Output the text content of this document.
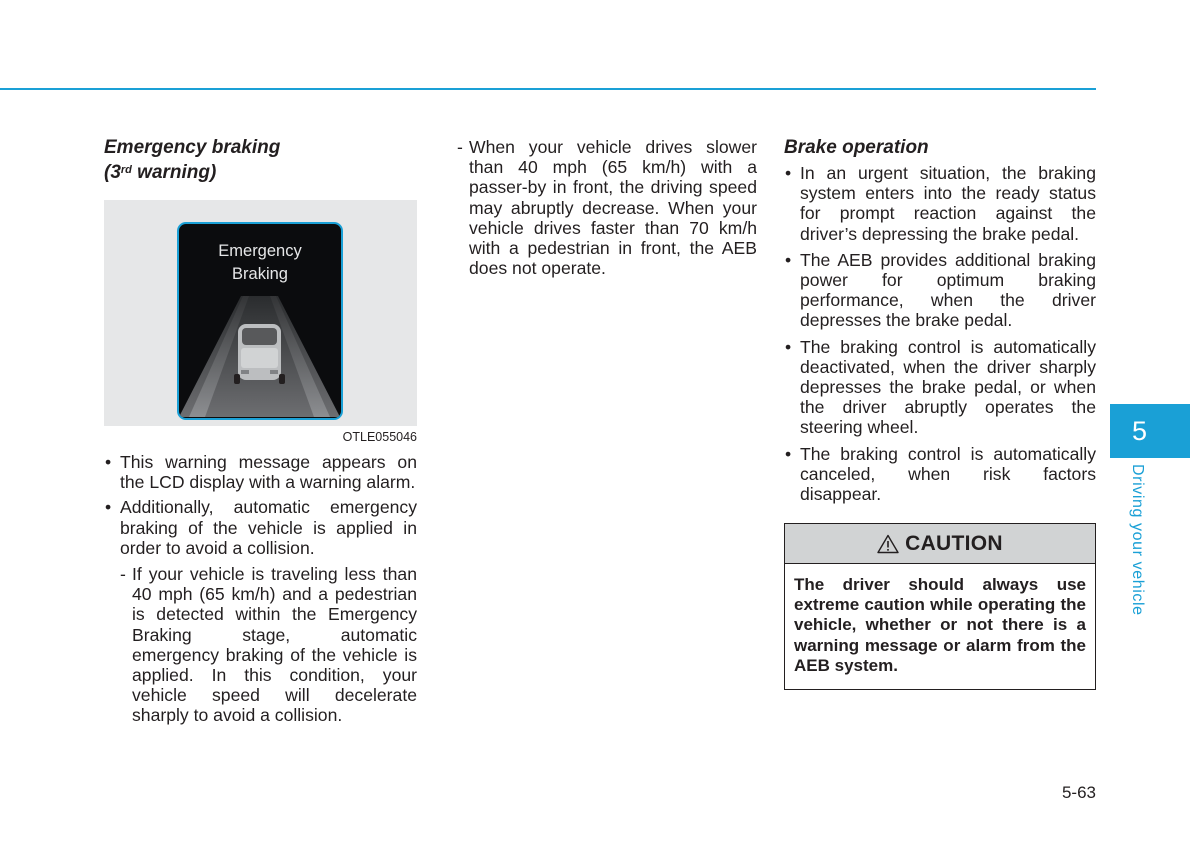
Emergency braking
(3rd warning)
Emergency
Braking
OTLE055046
• This warning message appears on the LCD display with a warning alarm.
• Additionally, automatic emergency braking of the vehicle is applied in order to avoid a collision.
- If your vehicle is traveling less than 40 mph (65 km/h) and a pedestrian is detected within the Emergency Braking stage, automatic emergency braking of the vehicle is applied. In this condition, your vehicle speed will decelerate sharply to avoid a collision.
- When your vehicle drives slower than 40 mph (65 km/h) with a passer-by in front, the driving speed may abruptly decrease. When your vehicle drives faster than 70 km/h with a pedestrian in front, the AEB does not operate.
Brake operation
• In an urgent situation, the braking system enters into the ready status for prompt reaction against the driver’s depressing the brake pedal.
• The AEB provides additional braking power for optimum braking performance, when the driver depresses the brake pedal.
• The braking control is automatically deactivated, when the driver sharply depresses the brake pedal, or when the driver abruptly operates the steering wheel.
• The braking control is automatically canceled, when risk factors disappear.
CAUTION
The driver should always use extreme caution while operating the vehicle, whether or not there is a warning message or alarm from the AEB system.
5
Driving your vehicle
5-63
